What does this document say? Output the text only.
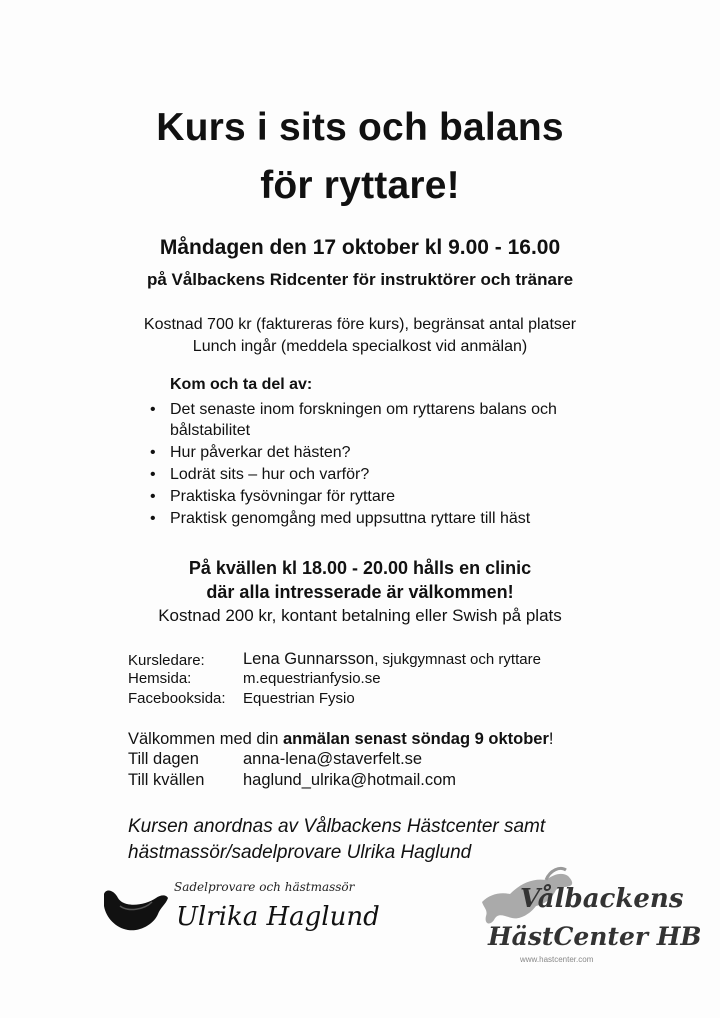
Kurs i sits och balans
för ryttare!
Måndagen den 17 oktober kl 9.00 - 16.00
på Vålbackens Ridcenter för instruktörer och tränare
Kostnad 700 kr (faktureras före kurs), begränsat antal platser
Lunch ingår (meddela specialkost vid anmälan)
Kom och ta del av:
• Det senaste inom forskningen om ryttarens balans och bålstabilitet
• Hur påverkar det hästen?
• Lodrät sits – hur och varför?
• Praktiska fysövningar för ryttare
• Praktisk genomgång med uppsuttna ryttare till häst
På kvällen kl 18.00 - 20.00 hålls en clinic
där alla intresserade är välkommen!
Kostnad 200 kr, kontant betalning eller Swish på plats
Kursledare: Lena Gunnarsson, sjukgymnast och ryttare
Hemsida:	m.equestrianfysio.se
Facebooksida: Equestrian Fysio
Välkommen med din anmälan senast söndag 9 oktober!
Till dagen	anna-lena@staverfelt.se
Till kvällen haglund_ulrika@hotmail.com
Kursen anordnas av Vålbackens Hästcenter samt
hästmassör/sadelprovare Ulrika Haglund
Sadelprovare och hästmassör
Ulrika Haglund
Vålbackens
HästCenter HB
www.hastcenter.com
